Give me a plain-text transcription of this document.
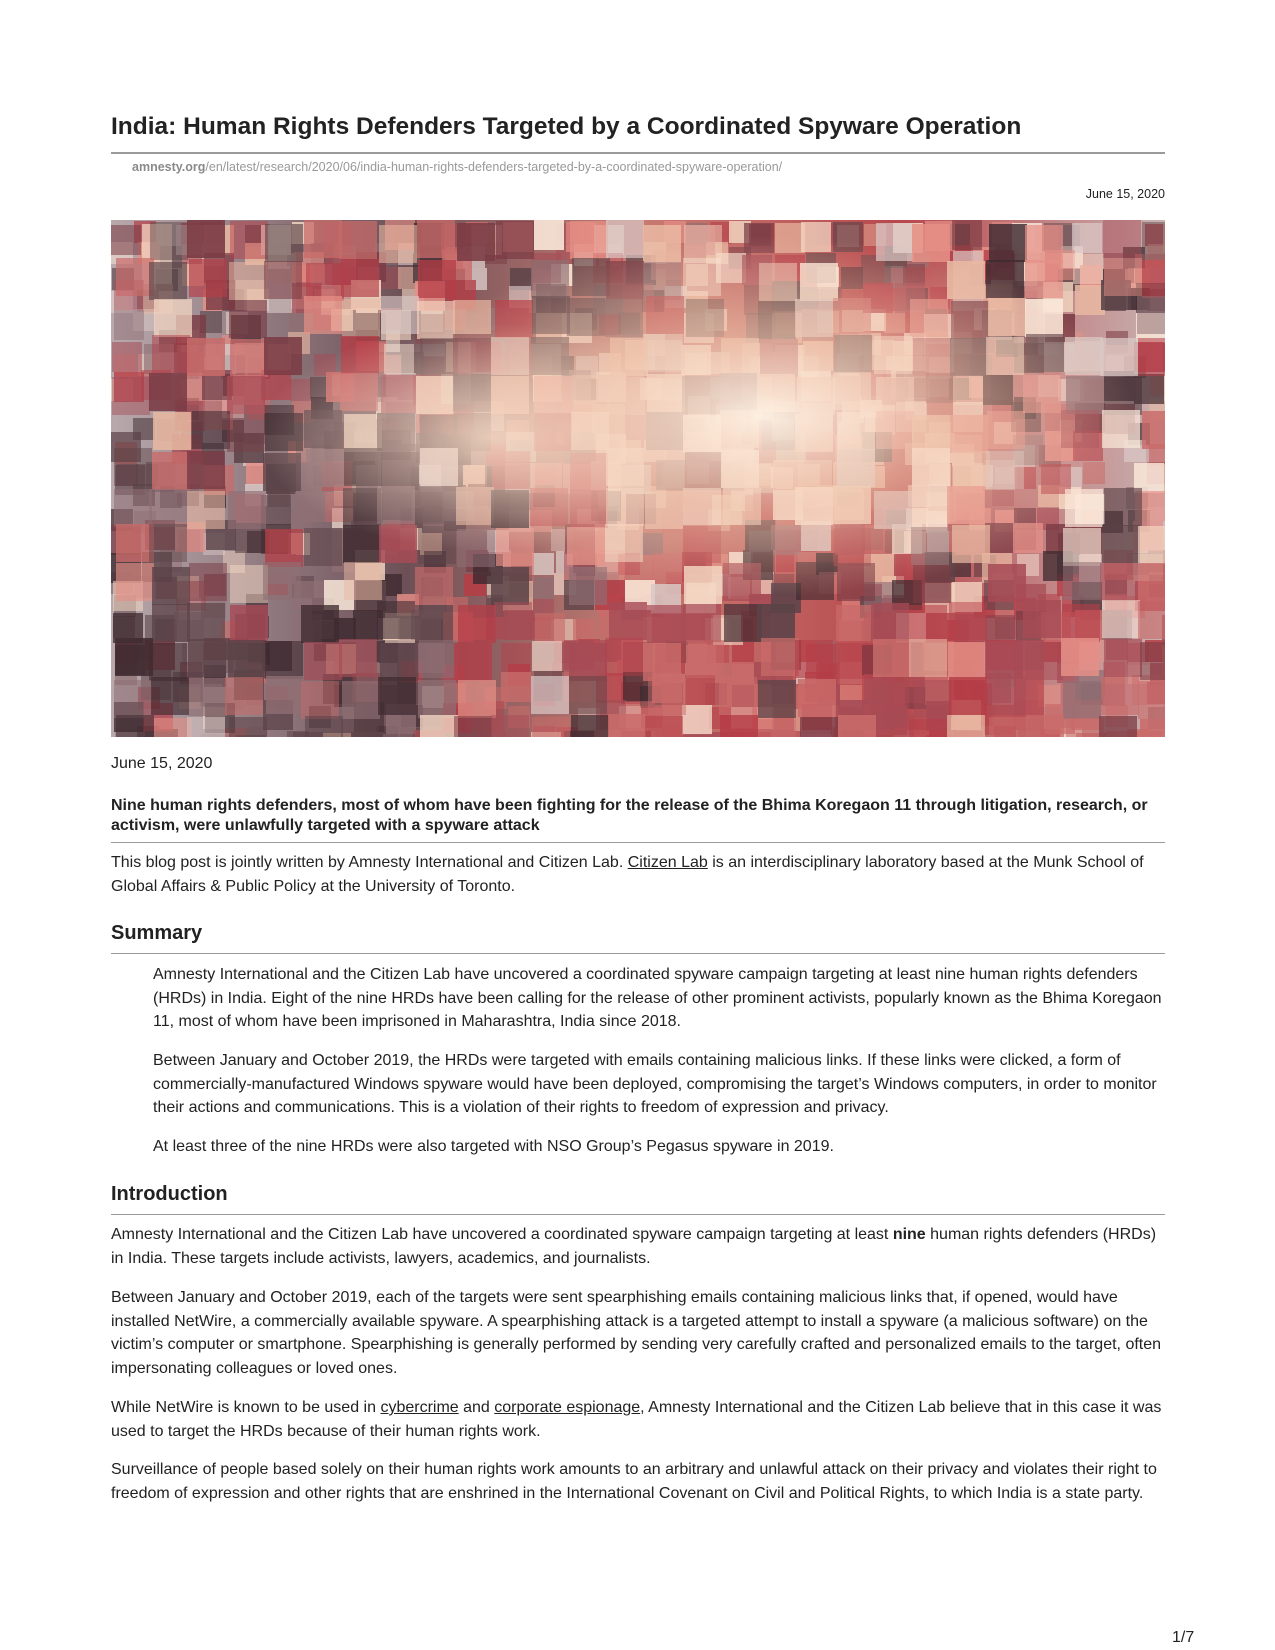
India: Human Rights Defenders Targeted by a Coordinated Spyware Operation
amnesty.org/en/latest/research/2020/06/india-human-rights-defenders-targeted-by-a-coordinated-spyware-operation/
June 15, 2020
June 15, 2020

Nine human rights defenders, most of whom have been fighting for the release of the Bhima Koregaon 11 through litigation, research, or activism, were unlawfully targeted with a spyware attack

This blog post is jointly written by Amnesty International and Citizen Lab. Citizen Lab is an interdisciplinary laboratory based at the Munk School of Global Affairs & Public Policy at the University of Toronto.

Summary

Amnesty International and the Citizen Lab have uncovered a coordinated spyware campaign targeting at least nine human rights defenders (HRDs) in India. Eight of the nine HRDs have been calling for the release of other prominent activists, popularly known as the Bhima Koregaon 11, most of whom have been imprisoned in Maharashtra, India since 2018.

Between January and October 2019, the HRDs were targeted with emails containing malicious links. If these links were clicked, a form of commercially-manufactured Windows spyware would have been deployed, compromising the target’s Windows computers, in order to monitor their actions and communications. This is a violation of their rights to freedom of expression and privacy.

At least three of the nine HRDs were also targeted with NSO Group’s Pegasus spyware in 2019.

Introduction

Amnesty International and the Citizen Lab have uncovered a coordinated spyware campaign targeting at least nine human rights defenders (HRDs) in India. These targets include activists, lawyers, academics, and journalists.

Between January and October 2019, each of the targets were sent spearphishing emails containing malicious links that, if opened, would have installed NetWire, a commercially available spyware. A spearphishing attack is a targeted attempt to install a spyware (a malicious software) on the victim’s computer or smartphone. Spearphishing is generally performed by sending very carefully crafted and personalized emails to the target, often impersonating colleagues or loved ones.

While NetWire is known to be used in cybercrime and corporate espionage, Amnesty International and the Citizen Lab believe that in this case it was used to target the HRDs because of their human rights work.

Surveillance of people based solely on their human rights work amounts to an arbitrary and unlawful attack on their privacy and violates their right to freedom of expression and other rights that are enshrined in the International Covenant on Civil and Political Rights, to which India is a state party.

1/7
